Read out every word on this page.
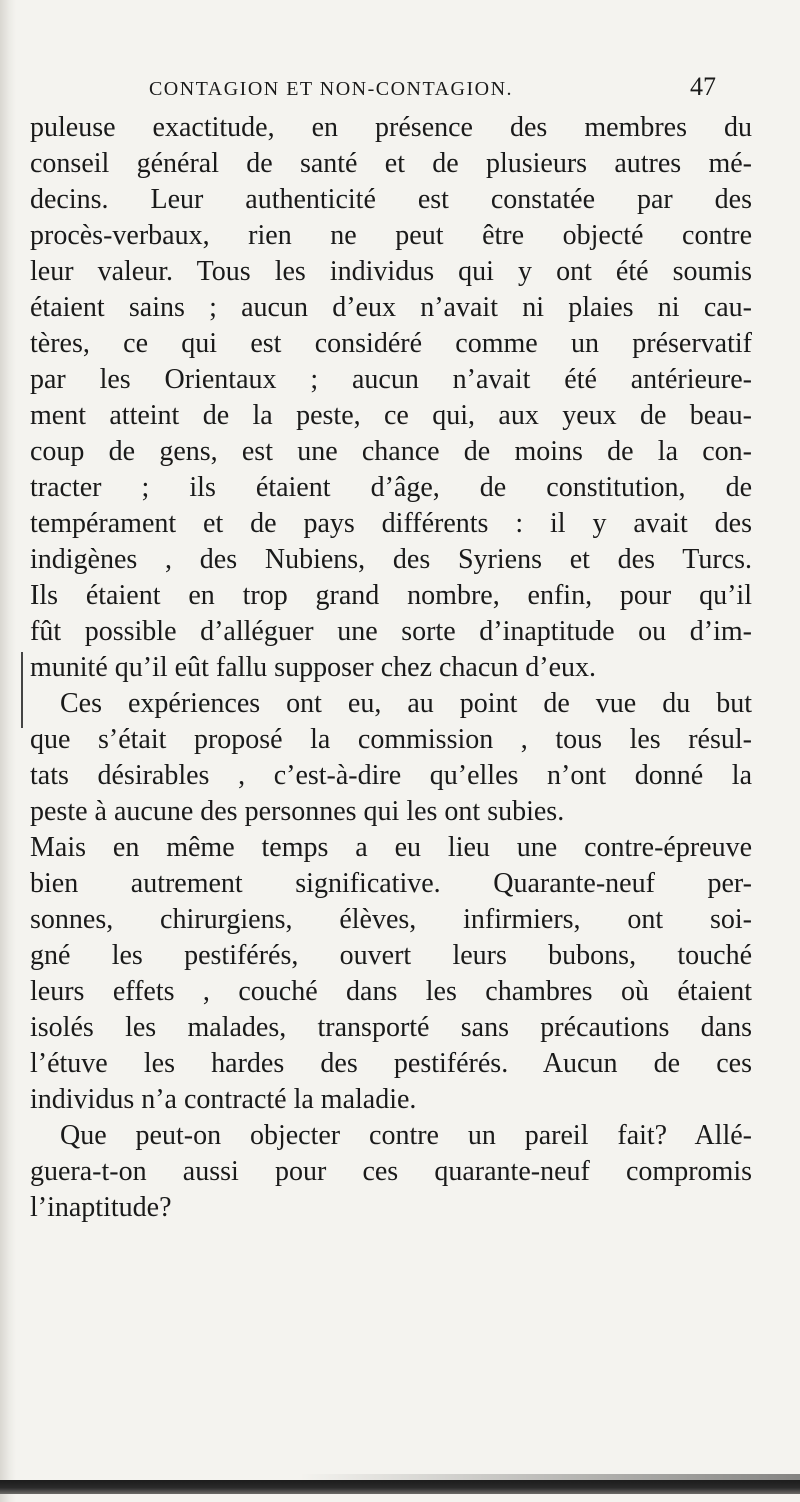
CONTAGION ET NON-CONTAGION.	47
puleuse exactitude, en présence des membres du
conseil général de santé et de plusieurs autres mé-
decins. Leur authenticité est constatée par des
procès-verbaux, rien ne peut être objecté contre
leur valeur. Tous les individus qui y ont été soumis
étaient sains ; aucun d’eux n’avait ni plaies ni cau-
tères, ce qui est considéré comme un préservatif
par les Orientaux ; aucun n’avait été antérieure-
ment atteint de la peste, ce qui, aux yeux de beau-
coup de gens, est une chance de moins de la con-
tracter ; ils étaient d’âge, de constitution, de
tempérament et de pays différents : il y avait des
indigènes , des Nubiens, des Syriens et des Turcs.
Ils étaient en trop grand nombre, enfin, pour qu’il
fût possible d’alléguer une sorte d’inaptitude ou d’im-
munité qu’il eût fallu supposer chez chacun d’eux.
Ces expériences ont eu, au point de vue du but
que s’était proposé la commission , tous les résul-
tats désirables , c’est-à-dire qu’elles n’ont donné la
peste à aucune des personnes qui les ont subies.
Mais en même temps a eu lieu une contre-épreuve
bien autrement significative. Quarante-neuf per-
sonnes, chirurgiens, élèves, infirmiers, ont soi-
gné les pestiférés, ouvert leurs bubons, touché
leurs effets , couché dans les chambres où étaient
isolés les malades, transporté sans précautions dans
l’étuve les hardes des pestiférés. Aucun de ces
individus n’a contracté la maladie.
Que peut-on objecter contre un pareil fait? Allé-
guera-t-on aussi pour ces quarante-neuf compromis
l’inaptitude?
